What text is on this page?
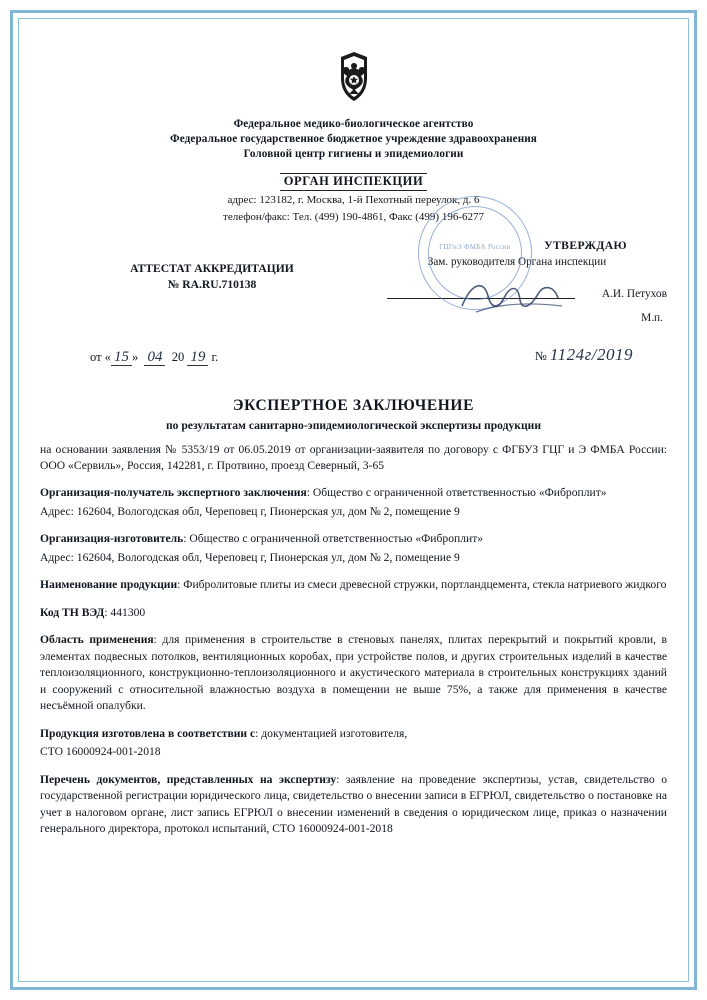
Федеральное медико-биологическое агентство
Федеральное государственное бюджетное учреждение здравоохранения
Головной центр гигиены и эпидемиологии
ОРГАН ИНСПЕКЦИИ
адрес: 123182, г. Москва, 1-й Пехотный переулок, д. 6
телефон/факс: Тел. (499) 190-4861, Факс (499) 196-6277
АТТЕСТАТ АККРЕДИТАЦИИ
№ RA.RU.710138
УТВЕРЖДАЮ
Зам. руководителя Органа инспекции
А.И. Петухов
М.п.
от « 15 » 04 20 19 г.	№ 1124г/2019
ЭКСПЕРТНОЕ ЗАКЛЮЧЕНИЕ
по результатам санитарно-эпидемиологической экспертизы продукции
на основании заявления № 5353/19 от 06.05.2019 от организации-заявителя по договору с ФГБУЗ ГЦГ и Э ФМБА России: ООО «Сервиль», Россия, 142281, г. Протвино, проезд Северный, 3-65
Организация-получатель экспертного заключения: Общество с ограниченной ответственностью «Фиброплит»
Адрес: 162604, Вологодская обл, Череповец г, Пионерская ул, дом № 2, помещение 9
Организация-изготовитель: Общество с ограниченной ответственностью «Фиброплит»
Адрес: 162604, Вологодская обл, Череповец г, Пионерская ул, дом № 2, помещение 9
Наименование продукции: Фибролитовые плиты из смеси древесной стружки, портландцемента, стекла натриевого жидкого
Код ТН ВЭД: 441300
Область применения: для применения в строительстве в стеновых панелях, плитах перекрытий и покрытий кровли, в элементах подвесных потолков, вентиляционных коробах, при устройстве полов, и других строительных изделий в качестве теплоизоляционного, конструкционно-теплоизоляционного и акустического материала в строительных конструкциях зданий и сооружений с относительной влажностью воздуха в помещении не выше 75%, а также для применения в качестве несъёмной опалубки.
Продукция изготовлена в соответствии с: документацией изготовителя,
СТО 16000924-001-2018
Перечень документов, представленных на экспертизу: заявление на проведение экспертизы, устав, свидетельство о государственной регистрации юридического лица, свидетельство о внесении записи в ЕГРЮЛ, свидетельство о постановке на учет в налоговом органе, лист запись ЕГРЮЛ о внесении изменений в сведения о юридическом лице, приказ о назначении генерального директора, протокол испытаний, СТО 16000924-001-2018
ГЦГиЭ ФМБА России
